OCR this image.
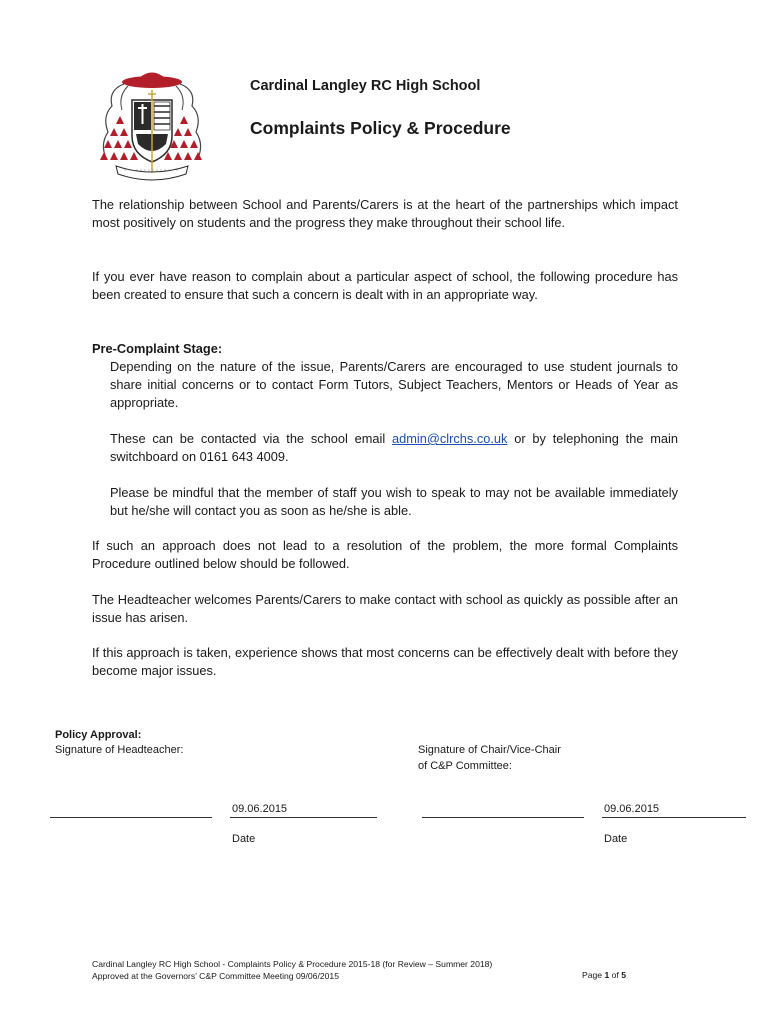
Cardinal Langley RC High School
Complaints Policy & Procedure
The relationship between School and Parents/Carers is at the heart of the partnerships which impact most positively on students and the progress they make throughout their school life.
If you ever have reason to complain about a particular aspect of school, the following procedure has been created to ensure that such a concern is dealt with in an appropriate way.
Pre-Complaint Stage:
Depending on the nature of the issue, Parents/Carers are encouraged to use student journals to share initial concerns or to contact Form Tutors, Subject Teachers, Mentors or Heads of Year as appropriate.
These can be contacted via the school email admin@clrchs.co.uk or by telephoning the main switchboard on 0161 643 4009.
Please be mindful that the member of staff you wish to speak to may not be available immediately but he/she will contact you as soon as he/she is able.
If such an approach does not lead to a resolution of the problem, the more formal Complaints Procedure outlined below should be followed.
The Headteacher welcomes Parents/Carers to make contact with school as quickly as possible after an issue has arisen.
If this approach is taken, experience shows that most concerns can be effectively dealt with before they become major issues.
Policy Approval:
Signature of Headteacher:	Signature of Chair/Vice-Chair
of C&P Committee:
09.06.2015	09.06.2015
Date	Date
Cardinal Langley RC High School - Complaints Policy & Procedure 2015-18 (for Review – Summer 2018)
Approved at the Governors’ C&P Committee Meeting 09/06/2015	Page 1 of 5
